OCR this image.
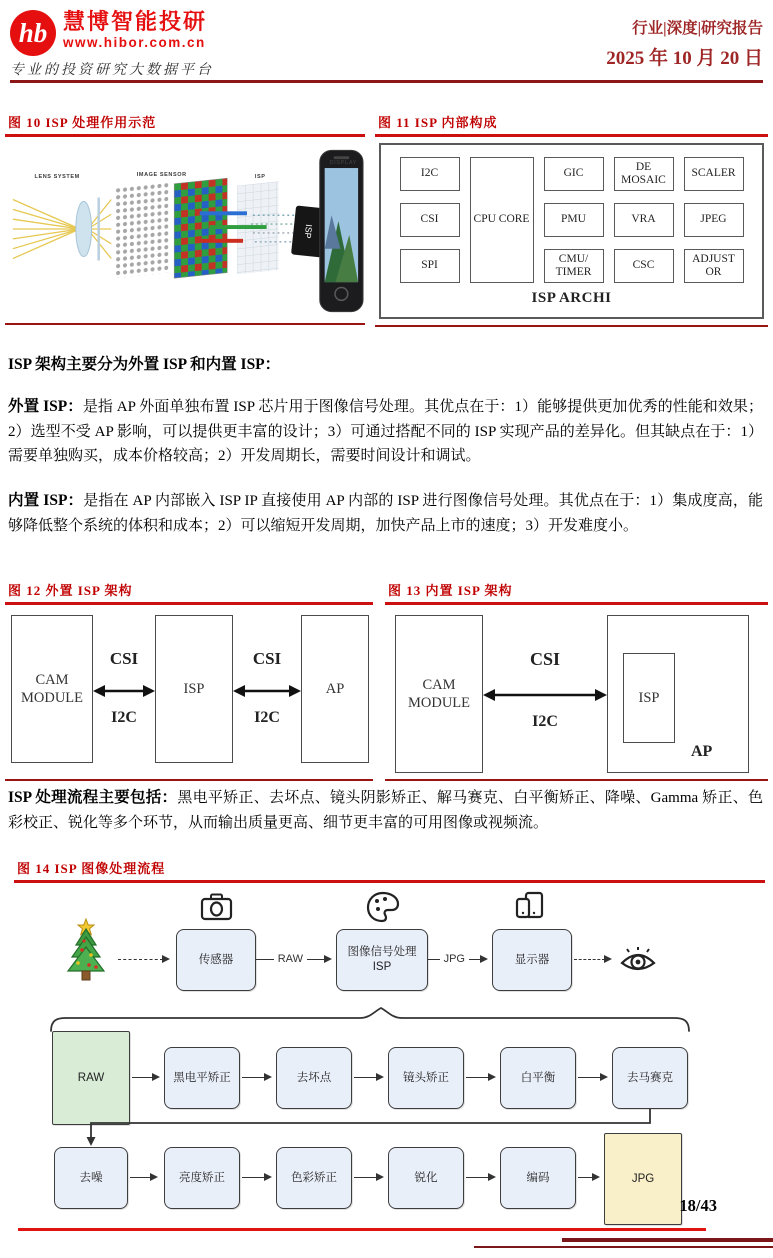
hb 慧博智能投研
www.hibor.com.cn
专业的投资研究大数据平台
行业|深度|研究报告
2025 年 10 月 20 日
图 10 ISP 处理作用示范
LENS SYSTEM	IMAGE SENSOR	ISP
ISP
DISPLAY
图 11 ISP 内部构成
I2C
CSI
SPI
CPU CORE
GIC
PMU
CMU/ TIMER
DE MOSAIC
VRA
CSC
SCALER
JPEG
ADJUST OR
ISP ARCHI
ISP 架构主要分为外置 ISP 和内置 ISP：

外置 ISP：是指 AP 外面单独布置 ISP 芯片用于图像信号处理。其优点在于：1）能够提供更加优秀的性能和效果；2）选型不受 AP 影响，可以提供更丰富的设计；3）可通过搭配不同的 ISP 实现产品的差异化。但其缺点在于：1）需要单独购买，成本价格较高；2）开发周期长，需要时间设计和调试。

内置 ISP：是指在 AP 内部嵌入 ISP IP 直接使用 AP 内部的 ISP 进行图像信号处理。其优点在于：1）集成度高，能够降低整个系统的体积和成本；2）可以缩短开发周期，加快产品上市的速度；3）开发难度小。

图 12 外置 ISP 架构
CAM MODULE
ISP	AP
CSI
I2C
CSI
I2C
图 13 内置 ISP 架构
CAM MODULE	ISP
AP
CSI
I2C

ISP 处理流程主要包括：黑电平矫正、去坏点、镜头阴影矫正、解马赛克、白平衡矫正、降噪、Gamma 矫正、色彩校正、锐化等多个环节，从而输出质量更高、细节更丰富的可用图像或视频流。

图 14 ISP 图像处理流程
传感器
图像信号处理
ISP
显示器
RAW	JPG
RAW	黑电平矫正	去坏点	镜头矫正	白平衡	去马赛克
去噪	亮度矫正	色彩矫正	锐化	编码	JPG
18/43
